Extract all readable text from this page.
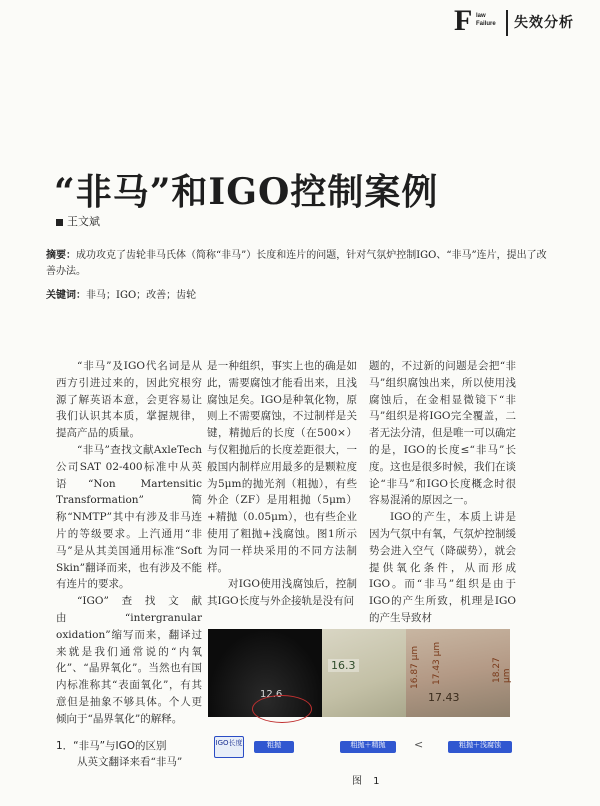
F law
Failure 失效分析
“非马”和IGO控制案例
王文斌
摘要：成功攻克了齿轮非马氏体（简称“非马”）长度和连片的问题，针对气氛炉控制IGO、“非马”连片，提出了改善办法。
关键词：非马；IGO；改善；齿轮

“非马”及IGO代名词是从西方引进过来的，因此究根穷源了解英语本意，会更容易让我们认识其本质，掌握规律，提高产品的质量。

“非马”查找文献AxleTech公司SAT 02-400标准中从英语“Non Martensitic Transformation”简称“NMTP”其中有涉及非马连片的等级要求。上汽通用“非马”是从其美国通用标准“Soft Skin”翻译而来，也有涉及不能有连片的要求。

“IGO”查找文献由“intergranular oxidation”缩写而来，翻译过来就是我们通常说的“内氧化”、“晶界氧化”。当然也有国内标准称其“表面氧化”，有其意但是抽象不够具体。个人更倾向于“晶界氧化”的解释。

1．“非马”与IGO的区别

从英文翻译来看“非马”

是一种组织，事实上也的确是如此，需要腐蚀才能看出来，且浅腐蚀足矣。IGO是种氧化物，原则上不需要腐蚀，不过制样是关键，精抛后的长度（在500×）与仅粗抛后的长度差距很大，一般国内制样应用最多的是颗粒度为5μm的抛光剂（粗抛），有些外企（ZF）是用粗抛（5μm）+精抛（0.05μm），也有些企业使用了粗抛+浅腐蚀。图1所示为同一样块采用的不同方法制样。

对IGO使用浅腐蚀后，控制其IGO长度与外企接轨是没有问

题的，不过新的问题是会把“非马”组织腐蚀出来，所以使用浅腐蚀后，在金相显微镜下“非马”组织是将IGO完全覆盖，二者无法分清，但是唯一可以确定的是，IGO的长度≤“非马”长度。这也是很多时候，我们在谈论“非马”和IGO长度概念时很容易混淆的原因之一。

IGO的产生，本质上讲是因为气氛中有氧，气氛炉控制缓势会进入空气（降碳势），就会提供氧化条件，从而形成IGO。而“非马”组织是由于IGO的产生所致，机理是IGO的产生导致材

12.6
16.3	16.87 μm 17.43 μm	18.27 μm
17.43
IGO长度	粗抛	粗抛＋精抛	<	粗抛＋浅腐蚀
图 1
